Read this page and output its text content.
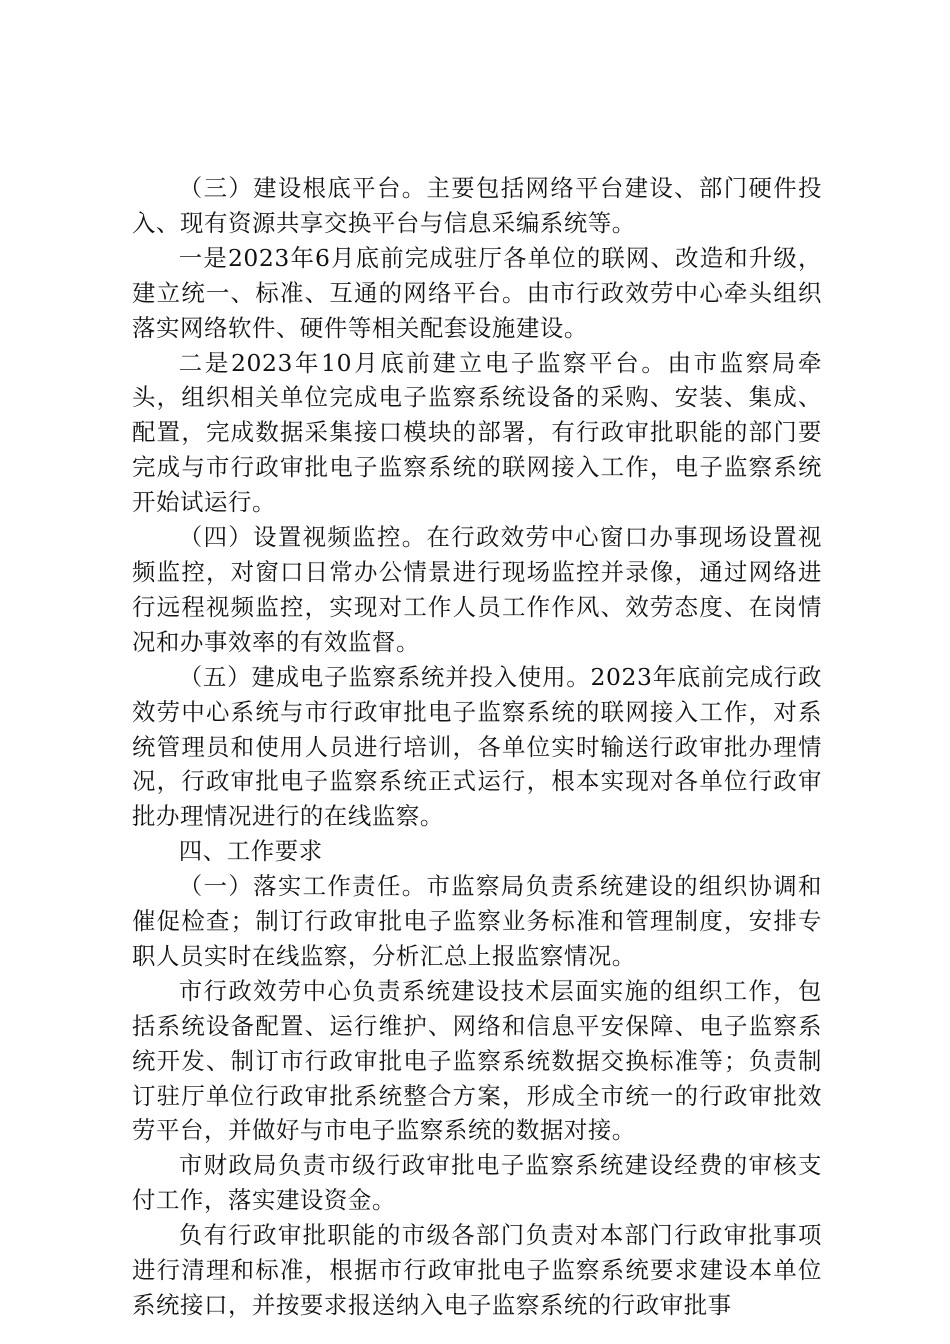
（三）建设根底平台。主要包括网络平台建设、部门硬件投入、现有资源共享交换平台与信息采编系统等。

一是2023年6月底前完成驻厅各单位的联网、改造和升级，建立统一、标准、互通的网络平台。由市行政效劳中心牵头组织落实网络软件、硬件等相关配套设施建设。

二是2023年10月底前建立电子监察平台。由市监察局牵头，组织相关单位完成电子监察系统设备的采购、安装、集成、配置，完成数据采集接口模块的部署，有行政审批职能的部门要完成与市行政审批电子监察系统的联网接入工作，电子监察系统开始试运行。

（四）设置视频监控。在行政效劳中心窗口办事现场设置视频监控，对窗口日常办公情景进行现场监控并录像，通过网络进行远程视频监控，实现对工作人员工作作风、效劳态度、在岗情况和办事效率的有效监督。

（五）建成电子监察系统并投入使用。2023年底前完成行政效劳中心系统与市行政审批电子监察系统的联网接入工作，对系统管理员和使用人员进行培训，各单位实时输送行政审批办理情况，行政审批电子监察系统正式运行，根本实现对各单位行政审批办理情况进行的在线监察。

四、工作要求

（一）落实工作责任。市监察局负责系统建设的组织协调和催促检查；制订行政审批电子监察业务标准和管理制度，安排专职人员实时在线监察，分析汇总上报监察情况。

市行政效劳中心负责系统建设技术层面实施的组织工作，包括系统设备配置、运行维护、网络和信息平安保障、电子监察系统开发、制订市行政审批电子监察系统数据交换标准等；负责制订驻厅单位行政审批系统整合方案，形成全市统一的行政审批效劳平台，并做好与市电子监察系统的数据对接。

市财政局负责市级行政审批电子监察系统建设经费的审核支付工作，落实建设资金。

负有行政审批职能的市级各部门负责对本部门行政审批事项进行清理和标准，根据市行政审批电子监察系统要求建设本单位系统接口，并按要求报送纳入电子监察系统的行政审批事
